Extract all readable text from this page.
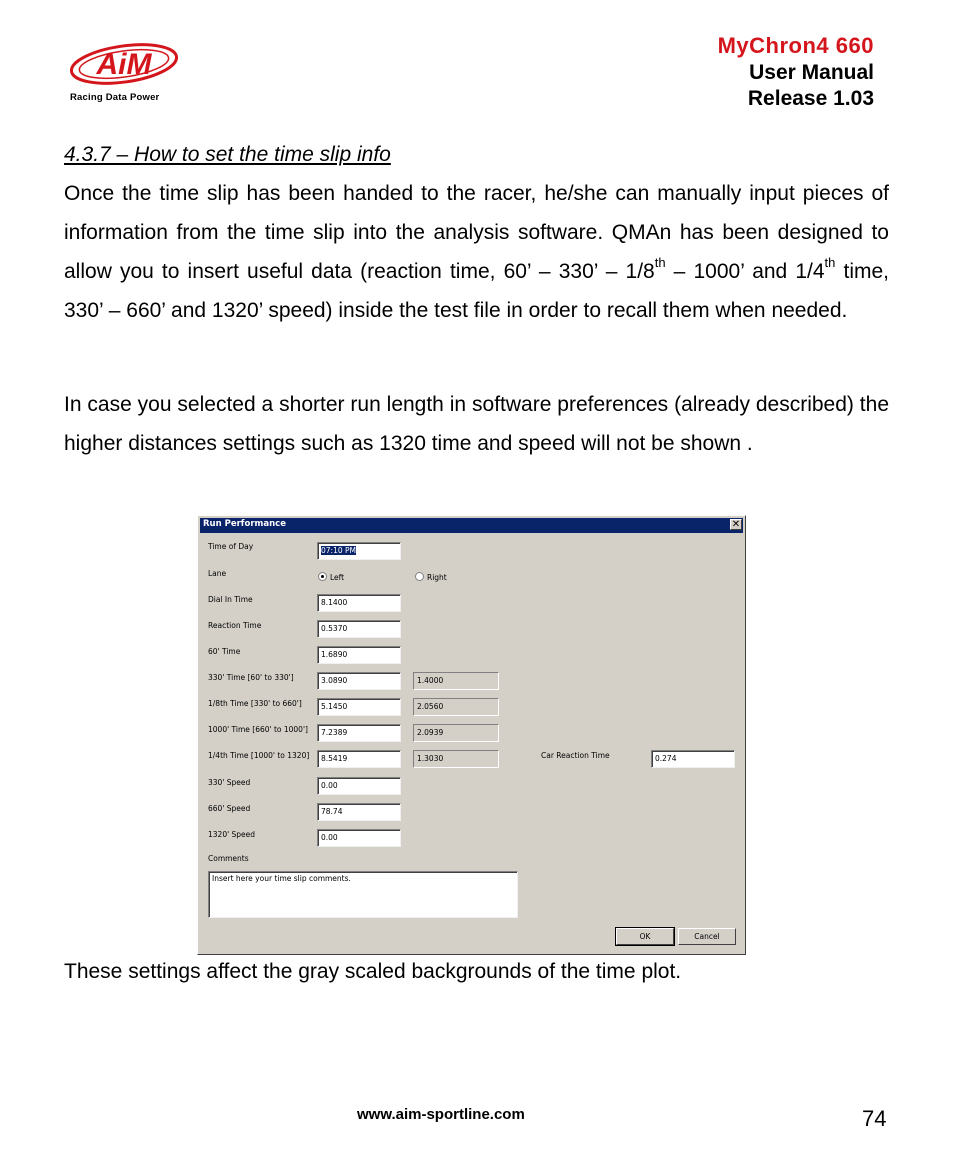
AiM
Racing Data Power
MyChron4 660
User Manual
Release 1.03
4.3.7 – How to set the time slip info
Once the time slip has been handed to the racer, he/she can manually input pieces of information from the time slip into the analysis software. QMAn has been designed to allow you to insert useful data (reaction time, 60’ – 330’ – 1/8th – 1000’ and 1/4th time, 330’ – 660’ and 1320’ speed) inside the test file in order to recall them when needed.
In case you selected a shorter run length in software preferences (already described) the higher distances settings such as 1320 time and speed will not be shown .
Run Performance	✕
Time of Day	07:10 PM
Lane	Left	Right
Dial In Time	8.1400
Reaction Time	0.5370
60' Time	1.6890
330' Time [60' to 330']	3.0890	1.4000
1/8th Time [330' to 660']	5.1450	2.0560
1000' Time [660' to 1000']	7.2389	2.0939
1/4th Time [1000' to 1320]	8.5419	1.3030	Car Reaction Time	0.274
330' Speed	0.00
660' Speed	78.74
1320' Speed	0.00
Comments
Insert here your time slip comments.
OK	Cancel
These settings affect the gray scaled backgrounds of the time plot.
www.aim-sportline.com	74
